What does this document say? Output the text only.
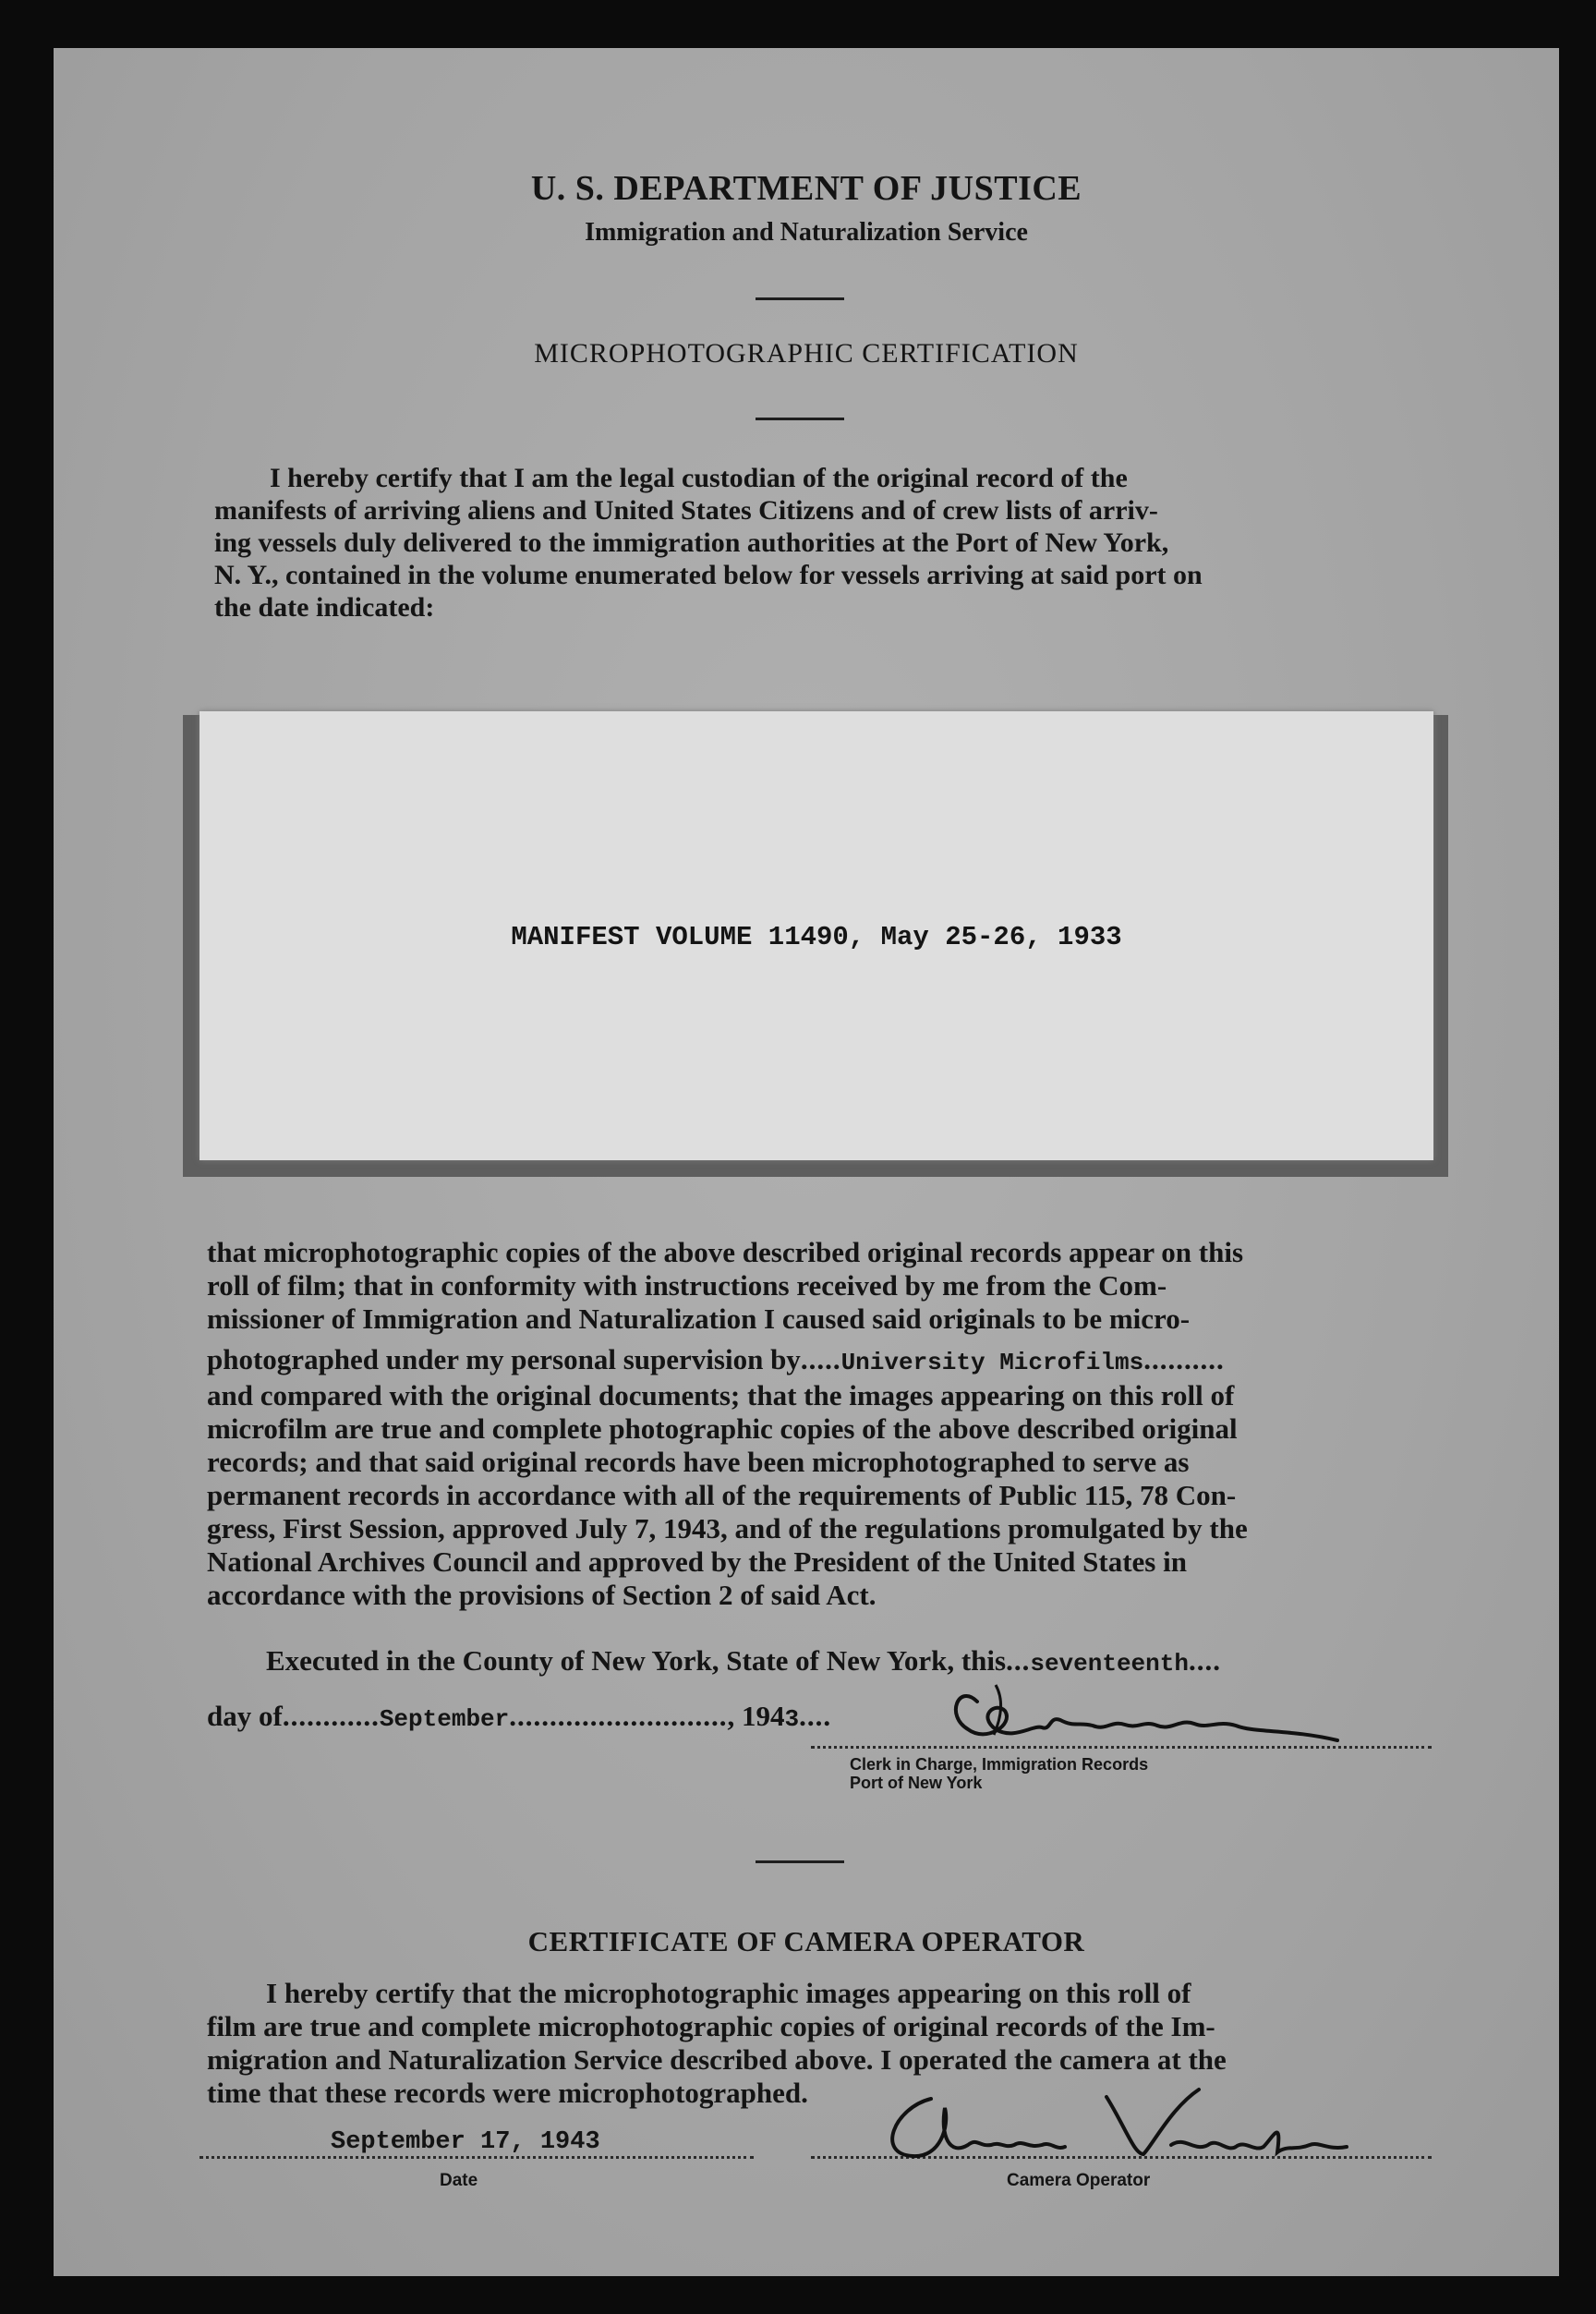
U. S. DEPARTMENT OF JUSTICE
Immigration and Naturalization Service
MICROPHOTOGRAPHIC CERTIFICATION
I hereby certify that I am the legal custodian of the original record of the
manifests of arriving aliens and United States Citizens and of crew lists of arriv-
ing vessels duly delivered to the immigration authorities at the Port of New York,
N. Y., contained in the volume enumerated below for vessels arriving at said port on
the date indicated:
MANIFEST VOLUME 11490, May 25-26, 1933
that microphotographic copies of the above described original records appear on this
roll of film; that in conformity with instructions received by me from the Com-
missioner of Immigration and Naturalization I caused said originals to be micro-
photographed under my personal supervision by.....University Microfilms..........
and compared with the original documents; that the images appearing on this roll of
microfilm are true and complete photographic copies of the above described original
records; and that said original records have been microphotographed to serve as
permanent records in accordance with all of the requirements of Public 115, 78 Con-
gress, First Session, approved July 7, 1943, and of the regulations promulgated by the
National Archives Council and approved by the President of the United States in
accordance with the provisions of Section 2 of said Act.
Executed in the County of New York, State of New York, this...seventeenth....
day of............September..........................., 1943....
Clerk in Charge, Immigration Records
Port of New York
CERTIFICATE OF CAMERA OPERATOR
I hereby certify that the microphotographic images appearing on this roll of
film are true and complete microphotographic copies of original records of the Im-
migration and Naturalization Service described above. I operated the camera at the
time that these records were microphotographed.
September 17, 1943
Date	Camera Operator
